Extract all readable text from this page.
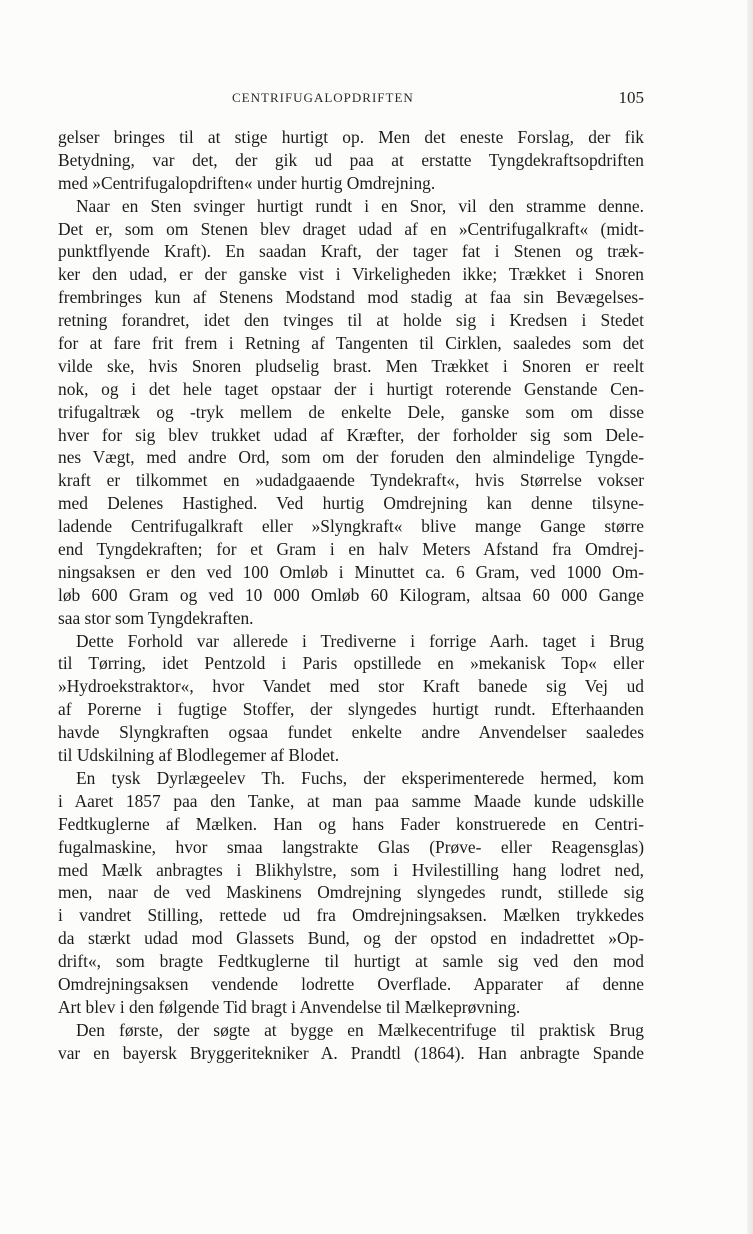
CENTRIFUGALOPDRIFTEN	105
gelser bringes til at stige hurtigt op. Men det eneste Forslag, der fik
Betydning, var det, der gik ud paa at erstatte Tyngdekraftsopdriften
med »Centrifugalopdriften« under hurtig Omdrejning.
Naar en Sten svinger hurtigt rundt i en Snor, vil den stramme denne.
Det er, som om Stenen blev draget udad af en »Centrifugalkraft« (midt-
punktflyende Kraft). En saadan Kraft, der tager fat i Stenen og træk-
ker den udad, er der ganske vist i Virkeligheden ikke; Trækket i Snoren
frembringes kun af Stenens Modstand mod stadig at faa sin Bevægelses-
retning forandret, idet den tvinges til at holde sig i Kredsen i Stedet
for at fare frit frem i Retning af Tangenten til Cirklen, saaledes som det
vilde ske, hvis Snoren pludselig brast. Men Trækket i Snoren er reelt
nok, og i det hele taget opstaar der i hurtigt roterende Genstande Cen-
trifugaltræk og -tryk mellem de enkelte Dele, ganske som om disse
hver for sig blev trukket udad af Kræfter, der forholder sig som Dele-
nes Vægt, med andre Ord, som om der foruden den almindelige Tyngde-
kraft er tilkommet en »udadgaaende Tyndekraft«, hvis Størrelse vokser
med Delenes Hastighed. Ved hurtig Omdrejning kan denne tilsyne-
ladende Centrifugalkraft eller »Slyngkraft« blive mange Gange større
end Tyngdekraften; for et Gram i en halv Meters Afstand fra Omdrej-
ningsaksen er den ved 100 Omløb i Minuttet ca. 6 Gram, ved 1000 Om-
løb 600 Gram og ved 10 000 Omløb 60 Kilogram, altsaa 60 000 Gange
saa stor som Tyngdekraften.
Dette Forhold var allerede i Trediverne i forrige Aarh. taget i Brug
til Tørring, idet Pentzold i Paris opstillede en »mekanisk Top« eller
»Hydroekstraktor«, hvor Vandet med stor Kraft banede sig Vej ud
af Porerne i fugtige Stoffer, der slyngedes hurtigt rundt. Efterhaanden
havde Slyngkraften ogsaa fundet enkelte andre Anvendelser saaledes
til Udskilning af Blodlegemer af Blodet.
En tysk Dyrlægeelev Th. Fuchs, der eksperimenterede hermed, kom
i Aaret 1857 paa den Tanke, at man paa samme Maade kunde udskille
Fedtkuglerne af Mælken. Han og hans Fader konstruerede en Centri-
fugalmaskine, hvor smaa langstrakte Glas (Prøve- eller Reagensglas)
med Mælk anbragtes i Blikhylstre, som i Hvilestilling hang lodret ned,
men, naar de ved Maskinens Omdrejning slyngedes rundt, stillede sig
i vandret Stilling, rettede ud fra Omdrejningsaksen. Mælken trykkedes
da stærkt udad mod Glassets Bund, og der opstod en indadrettet »Op-
drift«, som bragte Fedtkuglerne til hurtigt at samle sig ved den mod
Omdrejningsaksen vendende lodrette Overflade. Apparater af denne
Art blev i den følgende Tid bragt i Anvendelse til Mælkeprøvning.
Den første, der søgte at bygge en Mælkecentrifuge til praktisk Brug
var en bayersk Bryggeritekniker A. Prandtl (1864). Han anbragte Spande
